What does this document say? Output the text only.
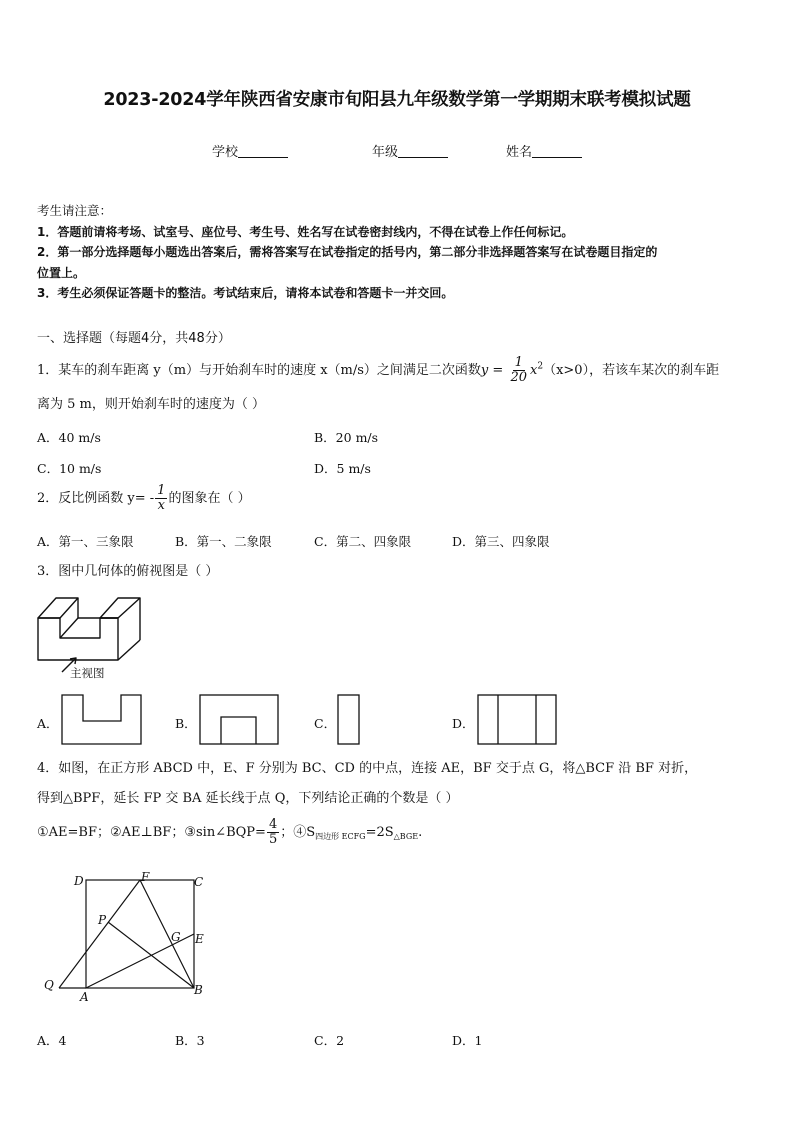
2023-2024学年陕西省安康市旬阳县九年级数学第一学期期末联考模拟试题
学校	年级	姓名
考生请注意：
1．答题前请将考场、试室号、座位号、考生号、姓名写在试卷密封线内，不得在试卷上作任何标记。
2．第一部分选择题每小题选出答案后，需将答案写在试卷指定的括号内，第二部分非选择题答案写在试卷题目指定的
位置上。
3．考生必须保证答题卡的整洁。考试结束后，请将本试卷和答题卡一并交回。
一、选择题（每题4分，共48分）
1．某车的刹车距离 y（m）与开始刹车时的速度 x（m/s）之间满足二次函数$y = \frac{1}{20} x^2(x>0)$，若该车某次的刹车距
离为 5 m，则开始刹车时的速度为（ ）
A．40 m/s	B．20 m/s
C．10 m/s	D．5 m/s
2．反比例函数 $y= - \frac{1}{x}$ 的图象在（ ）
A．第一、三象限	B．第一、二象限	C．第二、四象限	D．第三、四象限
3．图中几何体的俯视图是（ ）
主视图
A．	B．	C．	D．
4．如图，在正方形 ABCD 中，E、F 分别为 BC、CD 的中点，连接 AE，BF 交于点 G，将△BCF 沿 BF 对折，
得到△BPF，延长 FP 交 BA 延长线于点 Q，下列结论正确的个数是（ ）
①AE=BF；②AE⊥BF；③sin∠BQP= $\frac{4}{5}$ ；$④S_{四边形 ECFG}=2S_{\triangle BGE}$.
D	F	C
P
G E
Q
A	B
A．4	B．3	C．2	D．1
